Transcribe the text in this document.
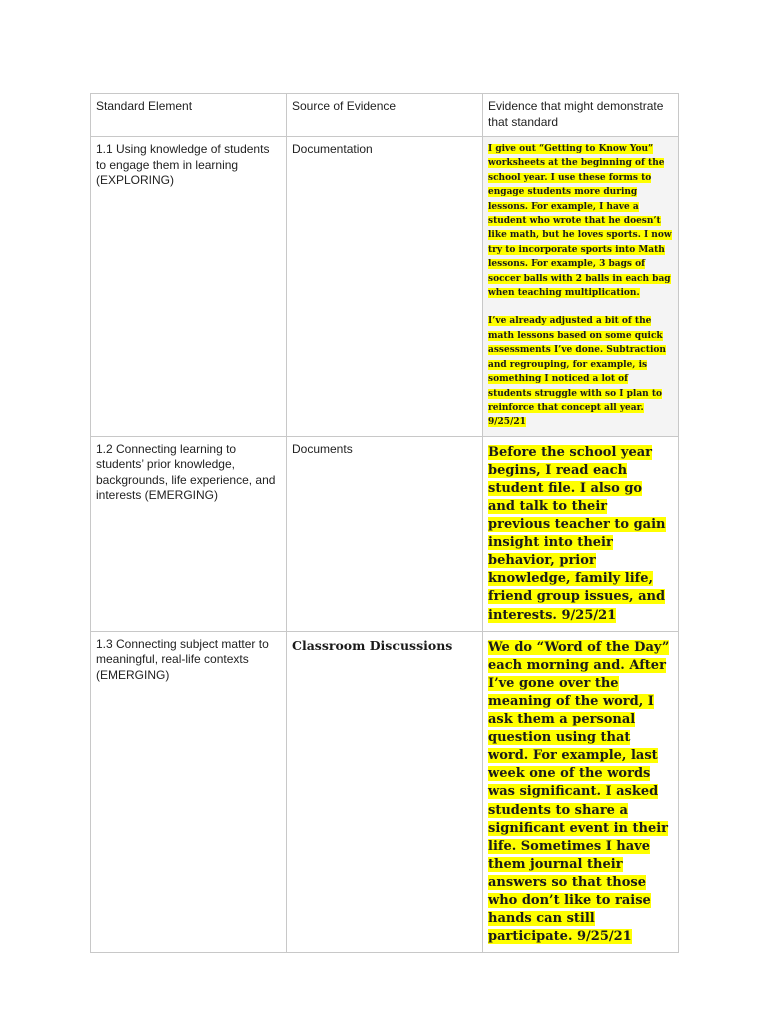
Standard Element	Source of Evidence	Evidence that might demonstrate that standard
1.1 Using knowledge of students to engage them in learning (EXPLORING)	Documentation	I give out “Getting to Know You” worksheets at the beginning of the school year. I use these forms to engage students more during lessons. For example, I have a student who wrote that he doesn’t like math, but he loves sports. I now try to incorporate sports into Math lessons. For example, 3 bags of soccer balls with 2 balls in each bag when teaching multiplication.

I’ve already adjusted a bit of the math lessons based on some quick assessments I’ve done. Subtraction and regrouping, for example, is something I noticed a lot of students struggle with so I plan to reinforce that concept all year. 9/25/21

1.2 Connecting learning to students’ prior knowledge, backgrounds, life experience, and interests (EMERGING)	Documents	Before the school year begins, I read each student file. I also go and talk to their previous teacher to gain insight into their behavior, prior knowledge, family life, friend group issues, and interests. 9/25/21

1.3 Connecting subject matter to meaningful, real-life contexts (EMERGING)	Classroom Discussions	We do “Word of the Day” each morning and. After I’ve gone over the meaning of the word, I ask them a personal question using that word. For example, last week one of the words was significant. I asked students to share a significant event in their life. Sometimes I have them journal their answers so that those who don’t like to raise hands can still participate. 9/25/21
